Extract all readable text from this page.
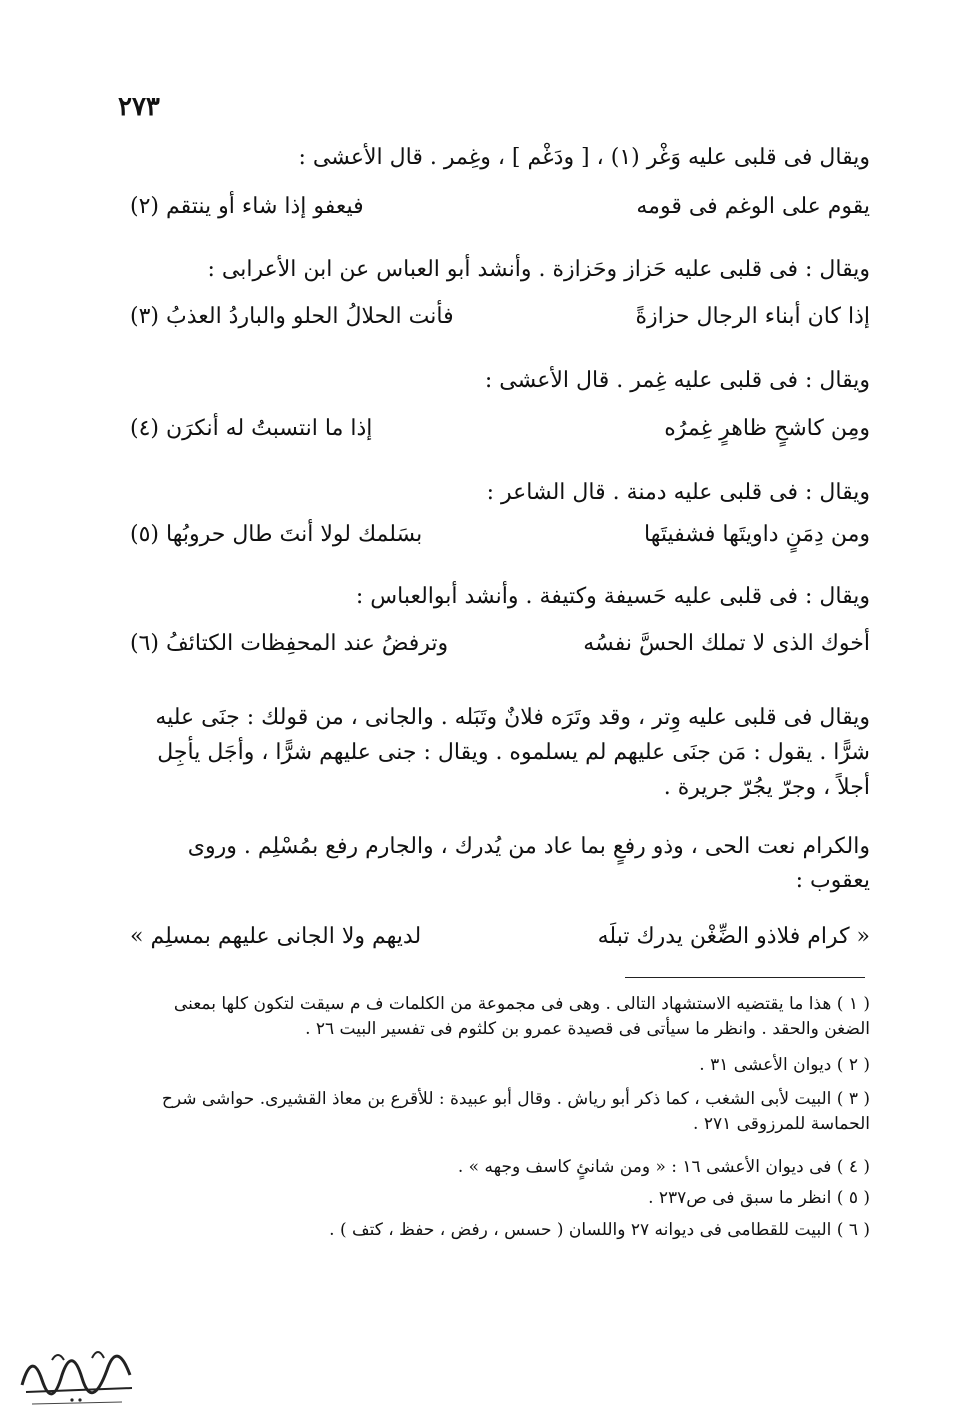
٢٧٣
ويقال فى قلبى عليه وَغْر (١) ، [ ودَغْم ] ، وغِمر . قال الأعشى :
يقوم على الوغم فى قومه
فيعفو إذا شاء أو ينتقم (٢)
ويقال : فى قلبى عليه حَزاز وحَزازة . وأنشد أبو العباس عن ابن الأعرابى :
إذا كان أبناء الرجال حزازةً
فأنت الحلالُ الحلو والباردُ العذبُ (٣)
ويقال : فى قلبى عليه غِمر . قال الأعشى :
ومِن كاشحٍ ظاهرٍ غِمرُه
إذا ما انتسبتُ له أنكرَن (٤)
ويقال : فى قلبى عليه دمنة . قال الشاعر :
ومن دِمَنٍ داويتَها فشفيتَها
بسَلمك لولا أنتَ طال حروبُها (٥)
ويقال : فى قلبى عليه حَسيفة وكتيفة . وأنشد أبوالعباس :
أخوك الذى لا تملك الحسَّ نفسُه
وترفضُ عند المحفِظات الكتائفُ (٦)
ويقال فى قلبى عليه وِتر ، وقد وتَرَه فلانٌ وتَبَله . والجانى ، من قولك : جنَى عليه شرًّا . يقول : مَن جنَى عليهم لم يسلموه . ويقال : جنى عليهم شرًّا ، وأجَل يأجِل أجلاً ، وجرّ يجُرّ جريرة .
والكرام نعت الحى ، وذو رفعٍ بما عاد من يُدرك ، والجارم رفع بمُسْلِم . وروى يعقوب :
« كرام فلاذو الضِّغْن يدرك تبلَه
لديهم ولا الجانى عليهم بمسلِم »
( ١ ) هذا ما يقتضيه الاستشهاد التالى . وهى فى مجموعة من الكلمات ف م سيقت لتكون كلها بمعنى الضغن والحقد . وانظر ما سيأتى فى قصيدة عمرو بن كلثوم فى تفسير البيت ٢٦ .
( ٢ ) ديوان الأعشى ٣١ .
( ٣ ) البيت لأبى الشغب ، كما ذكر أبو رياش . وقال أبو عبيدة : للأقرع بن معاذ القشيرى. حواشى شرح الحماسة للمرزوقى ٢٧١ .
( ٤ ) فى ديوان الأعشى ١٦ : « ومن شانئٍ كاسف وجهه » .
( ٥ ) انظر ما سبق فى ص٢٣٧ .
( ٦ ) البيت للقطامى فى ديوانه ٢٧ واللسان ( حسس ، رفض ، حفظ ، كتف ) .
